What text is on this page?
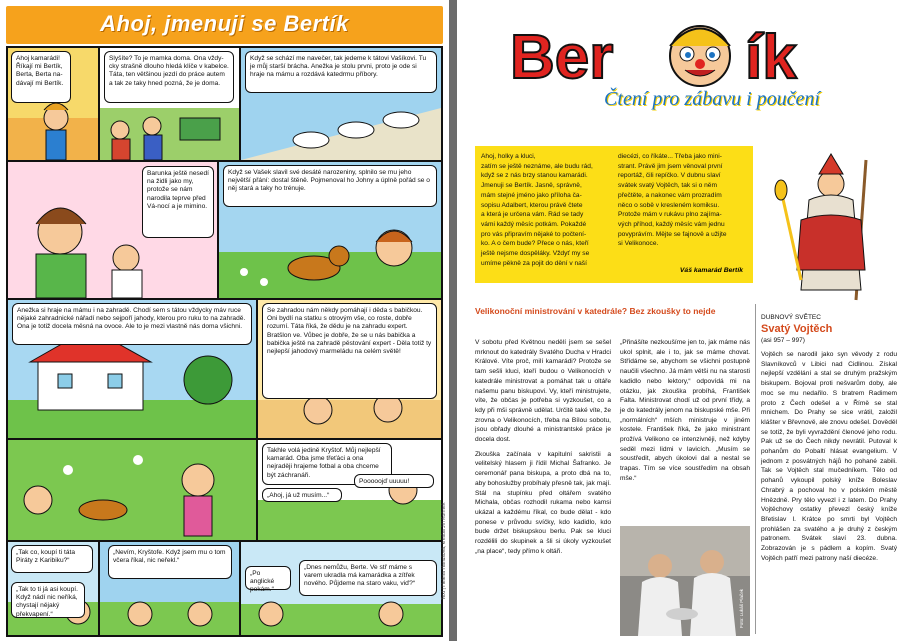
Ahoj, jmenuji se Bertík
Ahoj kamarádi! Říkají mi Bertík, Berta, Berta na-dávají mi Bertík.
Slyšíte? To je mamka doma. Ona vždy-cky strašně dlouho hledá klíče v kabelce. Táta, ten většinou jezdí do práce autem a tak ze taky hned pozná, že je doma.
Když se schází me navečer, tak jedeme k tátovi Vašíkovi. Tu je můj starší brácha. Anežka je stolu prvni, proto je ode si hraje na mámu a rozdává katedrmu příbory.
Barunka ještě nesedí na židli jako my, protože se nám narodila teprve před Vá-nocí a je mimino.
Když se Vašek slavil své desáté narozeniny, splnilo se mu jeho největší přání: dostal štěně. Pojmenoval ho Johny a úplně pořád se o něj stará a taky ho trénuje.
Anežka si hraje na mámu i na zahradě. Chodí sem s tátou vždycky máv ruce nějaké zahradnické nářadí nebo sejpoří jahody, kterou pro ruku to na zahradě. Ona je totiž docela měsná na ovoce. Ale to je mezi vlastně nás doma všichni.
Se zahradou nám někdy pomáhají i děda s babičkou. Oni bydlí na statku s otrovým vše, co roste, dobře rozumí. Táta říká, že dědu je na zahradu expert. Bratšlon ve. Vůbec je dobře, že se u nás babička a babička ještě na zahradě pěstování expert - Děla totiž ty nejlepší jahodový marmeládu na celém světě!
Takhle volá jedině Kryštof. Můj nejlepší kamarád. Oba jsme třeťáci a ona nejraději hrajeme fotbal a oba chceme být záchranáři.
„Ahoj, já už musím...“
Pooooojď uuuuu!
„Tak co, koupí ti táta Piráty z Karibiku?“
„Tak to ti já asi koupí. Když nádí nic neříká, chystají nějaký překvapení.“
„Nevím, Kryštofe. Když jsem mu o tom včera říkal, nic neřekl.“
„Po anglické pokám.“
„Dnes nemůžu, Berte. Ve stř máme s varem ukradla má kamarádka a zítřek nového. Půjdeme na staro vaku, viď?“	Text | Helena Hanušová, kresba Jiří Kořínek
Ber ík
Čtení pro zábavu i poučení
Ahoj, holky a kluci,
zatím se ještě neznáme, ale budu rád,
když se z nás brzy stanou kamarádi.
Jmenuji se Bertík. Jasně, správně,
mám stejné jméno jako příloha ča-
sopisu Adalbert, kterou právě čtete
a která je určena vám. Rád se tady
vámi každý měsíc potkám. Pokaždé
pro vás připravím nějaké to počtení-
ko. A o čem bude? Přece o nás, kteří
ještě nejsme dospěláky. Vždyť my se
umíme pěkně za pojit do dění v naší
diecézi, co říkáte... Třeba jako mini-
strant. Právě jim jsem věnoval první
reportáž, čili repíčko. V dubnu slaví
svátek svatý Vojtěch, tak si o něm
přečtěte, a nakonec vám prozradím
něco o sobě v kresleném komiksu.
Protože mám v rukávu plno zajíma-
vých příhod, každý měsíc vám jednu
povyprávím. Mějte se fajnově a užijte
si Velikonoce.
Váš kamarád Bertík
Velikonoční ministrování v katedrále? Bez zkoušky to nejde

V sobotu před Květnou nedělí jsem se sešel mrknout do katedrály Svatého Ducha v Hradci Králové. Víte proč, milí kamarádi? Protože se tam sešli kluci, kteří budou o Velikonocích v katedrále ministrovat a pomáhat tak u oltáře našemu panu biskupovi. Vy, kteří ministrujete, víte, že občas je potřeba si vyzkoušet, co a kdy při mši správně udělat. Určitě také víte, že zrovna o Velikonocích, třeba na Bílou sobotu, jsou obřady dlouhé a ministrantské práce je docela dost.

Zkouška začínala v kapitulní sakristii a velitelský hlasem ji řídil Michal Šafranko. Je ceremonář pana biskupa, a proto dbá na to, aby bohoslužby probíhaly přesně tak, jak mají. Stál na stupínku před oltářem svatého Michala, občas rozhodil rukama nebo kamsi ukázal a každému říkal, co bude dělat - kdo ponese v průvodu svíčky, kdo kadidlo, kdo bude držet biskupskou berlu. Pak se kluci rozdělili do skupinek a šli si úkoly vyzkoušet „na place“, tedy přímo k oltáři.

„Přinášíte nezkoušíme jen to, jak máme nás ukol splnit, ale i to, jak se máme chovat. Střídáme se, abychom se všichni postupně naučili všechno. Já mám větši nu na starosti kadidlo nebo lektory,“ odpovídá mi na otázku, jak zkouška probíhá, František Falta. Ministrovat chodí už od první třídy, a je do katedrály jenom na biskupské mše. Při „normálních“ mších ministruje v jiném kostele. František říká, že jako ministrant prožívá Velikono ce intenzivněji, než kdyby seděl mezi lidmi v lavicích. „Musím se soustředit, abych úkolovi dal a nestal se trapas. Tím se více soustředím na obsah mše.“

Foto: Lukáš Plaček
DUBNOVÝ SVĚTEC
Svatý Vojtěch
(asi 957 – 997)
Vojtěch se narodil jako syn věvody z rodu Slavníkovců v Libici nad Cidlinou. Získal nejlepší vzdělání a stal se druhým pražským biskupem. Bojoval proti nešvarům doby, ale moc se mu nedařilo. S bratrem Radimem proto z Čech odešel a v Římě se stal mnichem. Do Prahy se sice vrátil, založil klášter v Břevnově, ale znovu odešel. Dověděl se totiž, že byli vyvraždění členové jeho rodu. Pak už se do Čech nikdy nevrátil. Putoval k pohanům do Pobaltí hlásat evangelium. V jednom z posvátných hájů ho pohané zabili. Tak se Vojtěch stal mučedníkem. Tělo od pohanů vykoupil polský kníže Boleslav Chrabrý a pochoval ho v polském městě Hnězdně. Pry tělo vyvezl i z latem. Do Prahy Vojtěchovy ostatky převezl český kníže Břetislav I. Krátce po smrti byl Vojtěch prohlášen za svatého a je druhý z českým patronem. Svátek slaví 23. dubna. Zobrazován je s pádlem a kopím. Svatý Vojtěch patří mezi patrony naší diecéze.
